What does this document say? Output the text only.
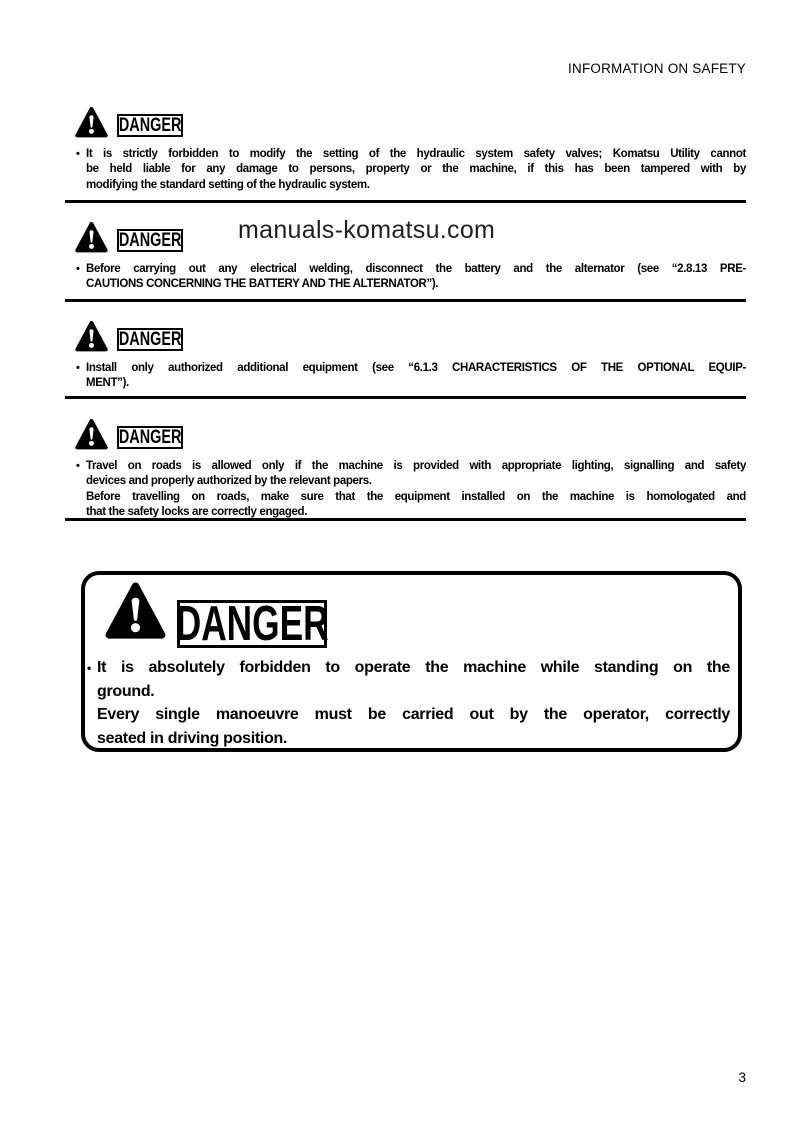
INFORMATION ON SAFETY
DANGER
• It is strictly forbidden to modify the setting of the hydraulic system safety valves; Komatsu Utility cannot
be held liable for any damage to persons, property or the machine, if this has been tampered with by
modifying the standard setting of the hydraulic system.
manuals-komatsu.com
DANGER
• Before carrying out any electrical welding, disconnect the battery and the alternator (see “2.8.13 PRE-
CAUTIONS CONCERNING THE BATTERY AND THE ALTERNATOR”).
DANGER
• Install only authorized additional equipment (see “6.1.3 CHARACTERISTICS OF THE OPTIONAL EQUIP-
MENT”).
DANGER
• Travel on roads is allowed only if the machine is provided with appropriate lighting, signalling and safety
devices and properly authorized by the relevant papers.
Before travelling on roads, make sure that the equipment installed on the machine is homologated and
that the safety locks are correctly engaged.
DANGER
• It is absolutely forbidden to operate the machine while standing on the
ground.
Every single manoeuvre must be carried out by the operator, correctly
seated in driving position.
3
